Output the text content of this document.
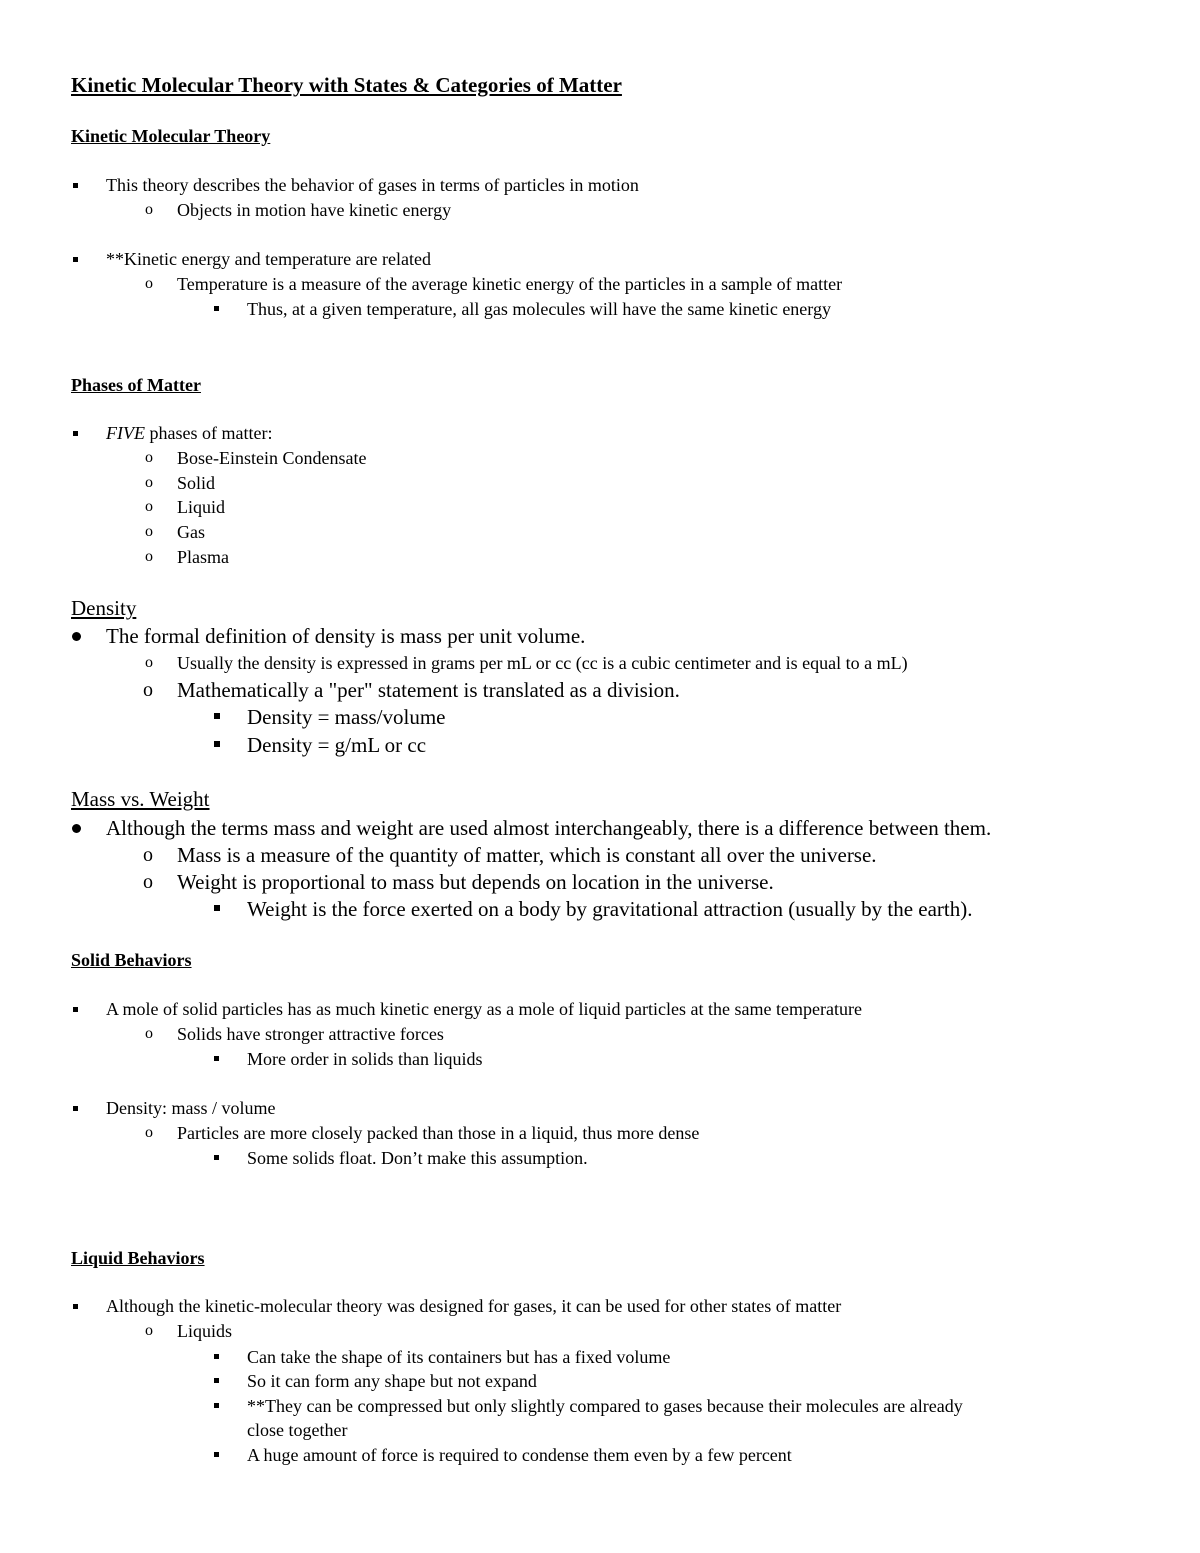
Kinetic Molecular Theory with States & Categories of Matter
Kinetic Molecular Theory
This theory describes the behavior of gases in terms of particles in motion
o Objects in motion have kinetic energy
**Kinetic energy and temperature are related
o Temperature is a measure of the average kinetic energy of the particles in a sample of matter
Thus, at a given temperature, all gas molecules will have the same kinetic energy
Phases of Matter
FIVE phases of matter:
o Bose-Einstein Condensate
o Solid
o Liquid
o Gas
o Plasma
Density
The formal definition of density is mass per unit volume.
o Usually the density is expressed in grams per mL or cc (cc is a cubic centimeter and is equal to a mL)
o Mathematically a "per" statement is translated as a division.
Density = mass/volume
Density = g/mL or cc
Mass vs. Weight
Although the terms mass and weight are used almost interchangeably, there is a difference between them.
o Mass is a measure of the quantity of matter, which is constant all over the universe.
o Weight is proportional to mass but depends on location in the universe.
Weight is the force exerted on a body by gravitational attraction (usually by the earth).
Solid Behaviors
A mole of solid particles has as much kinetic energy as a mole of liquid particles at the same temperature
o Solids have stronger attractive forces
More order in solids than liquids
Density: mass / volume
o Particles are more closely packed than those in a liquid, thus more dense
Some solids float. Don’t make this assumption.
Liquid Behaviors
Although the kinetic-molecular theory was designed for gases, it can be used for other states of matter
o Liquids
Can take the shape of its containers but has a fixed volume
So it can form any shape but not expand
**They can be compressed but only slightly compared to gases because their molecules are already
close together
A huge amount of force is required to condense them even by a few percent
